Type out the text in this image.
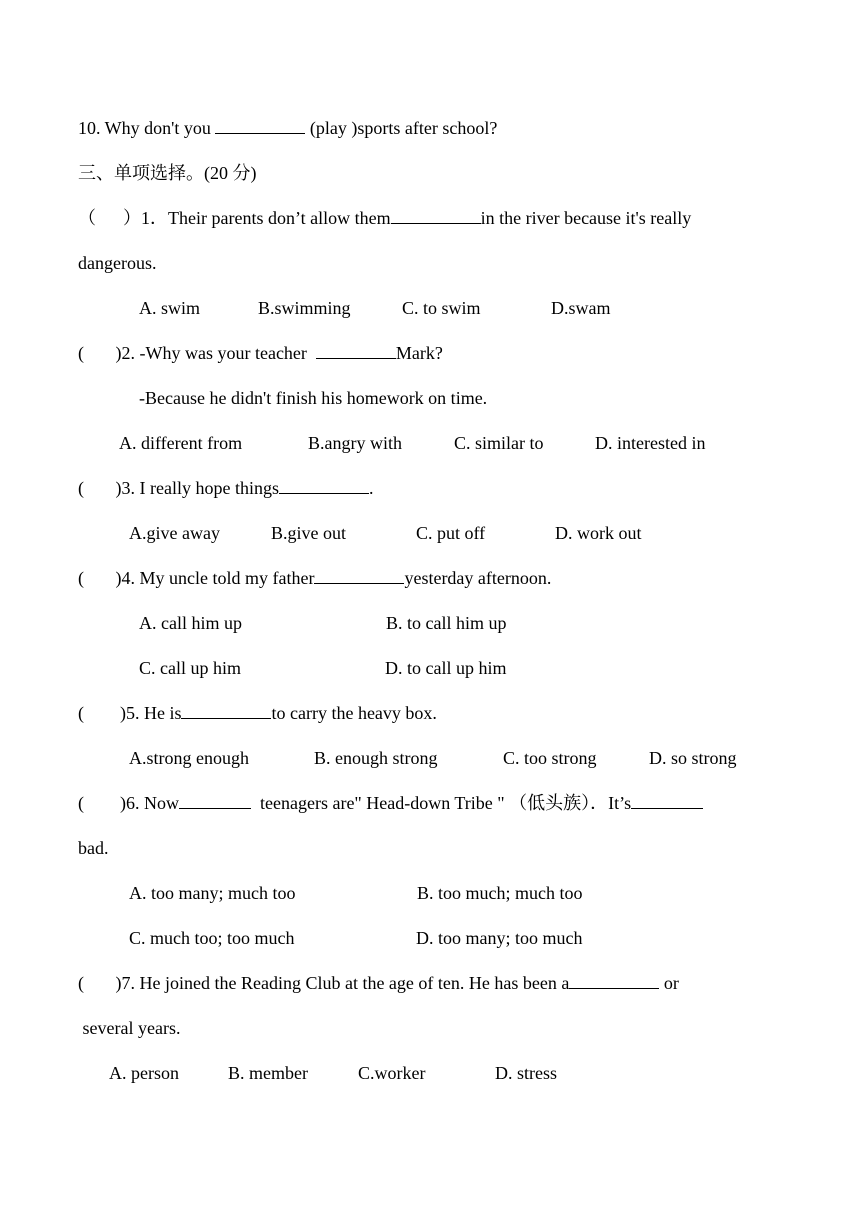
10. Why don't you	(play )sports after school?
三、单项选择。(20 分)
（      ）1．Their parents don’t allow them	in the river because it's really
dangerous.
A. swim	B.swimming	C. to swim	D.swam
(       )2. -Why was your teacher	Mark?
-Because he didn't finish his homework on time.
A. different from	B.angry with	C. similar to	D. interested in
(       )3. I really hope things	.
A.give away	B.give out	C. put off	D. work out
(       )4. My uncle told my father	yesterday afternoon.
A. call him up	B. to call him up
C. call up him	D. to call up him
(        )5. He is	to carry the heavy box.
A.strong enough	B. enough strong	C. too strong	D. so strong
(        )6. Now	teenagers are" Head-down Tribe " （低头族）．It’s
bad.
A. too many; much too	B. too much; much too
C. much too; too much	D. too many; too much
(       )7. He joined the Reading Club at the age of ten. He has been a	or
several years.
A. person	B. member	C.worker	D. stress
